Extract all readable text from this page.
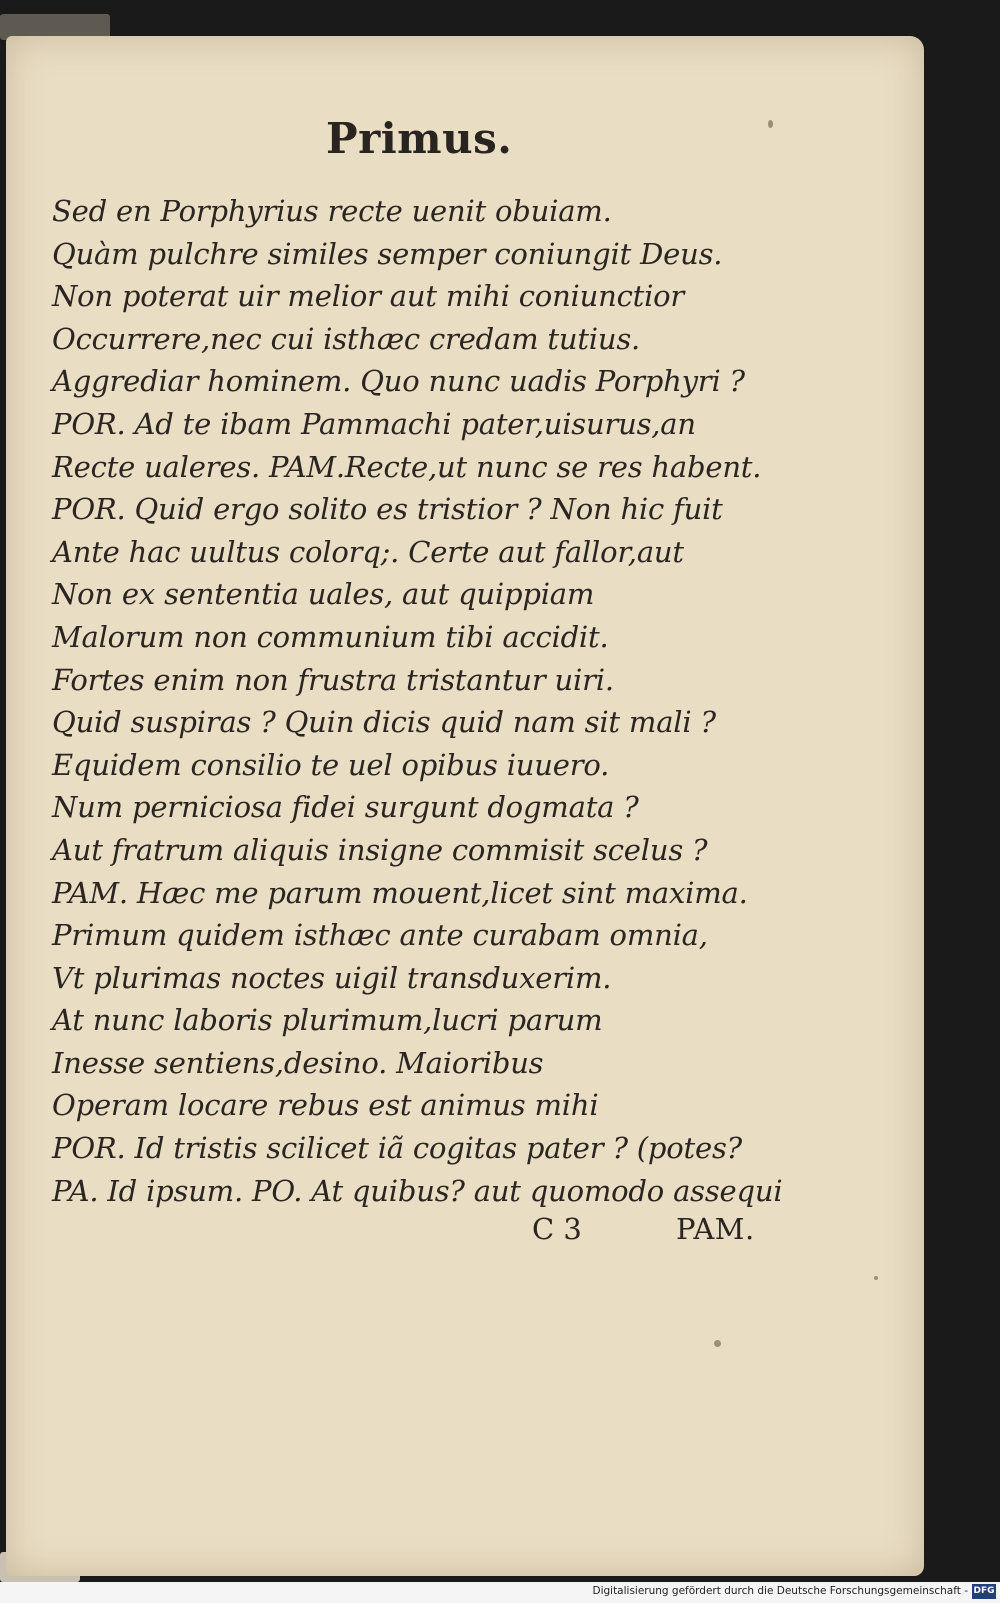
Primus.
Sed en Porphyrius recte uenit obuiam.
Quàm pulchre similes semper coniungit Deus.
Non poterat uir melior aut mihi coniunctior
Occurrere,nec cui isthæc credam tutius.
Aggrediar hominem. Quo nunc uadis Porphyri ?
POR. Ad te ibam Pammachi pater,uisurus,an
Recte ualeres. PAM.Recte,ut nunc se res habent.
POR. Quid ergo solito es tristior ? Non hic fuit
Ante hac uultus colorq;. Certe aut fallor,aut
Non ex sententia uales, aut quippiam
Malorum non communium tibi accidit.
Fortes enim non frustra tristantur uiri.
Quid suspiras ? Quin dicis quid nam sit mali ?
Equidem consilio te uel opibus iuuero.
Num perniciosa fidei surgunt dogmata ?
Aut fratrum aliquis insigne commisit scelus ?
PAM. Hæc me parum mouent,licet sint maxima.
Primum quidem isthæc ante curabam omnia,
Vt plurimas noctes uigil transduxerim.
At nunc laboris plurimum,lucri parum
Inesse sentiens,desino. Maioribus
Operam locare rebus est animus mihi
POR. Id tristis scilicet iã cogitas pater ? (potes?
PA. Id ipsum. PO. At quibus? aut quomodo assequi
C 3	PAM.
Digitalisierung gefördert durch die Deutsche Forschungsgemeinschaft - DFG
